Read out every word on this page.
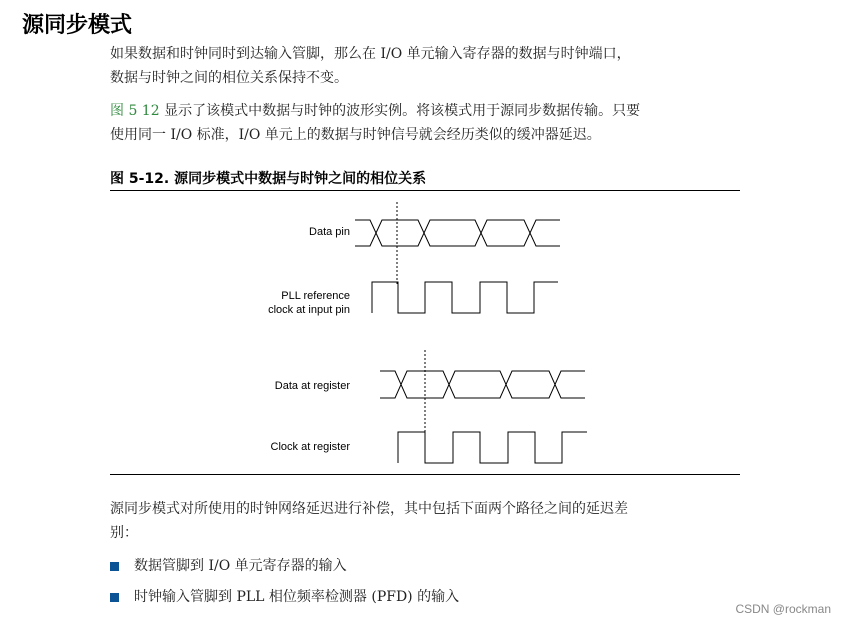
源同步模式
如果数据和时钟同时到达输入管脚，那么在 I/O 单元输入寄存器的数据与时钟端口，
数据与时钟之间的相位关系保持不变。
图 5 12 显示了该模式中数据与时钟的波形实例。将该模式用于源同步数据传输。只要
使用同一 I/O 标准，I/O 单元上的数据与时钟信号就会经历类似的缓冲器延迟。
图 5-12. 源同步模式中数据与时钟之间的相位关系
Data pin
PLL reference
clock at input pin
Data at register
Clock at register
源同步模式对所使用的时钟网络延迟进行补偿，其中包括下面两个路径之间的延迟差
别：
数据管脚到 I/O 单元寄存器的输入
时钟输入管脚到 PLL 相位频率检测器 (PFD) 的输入
CSDN @rockman
